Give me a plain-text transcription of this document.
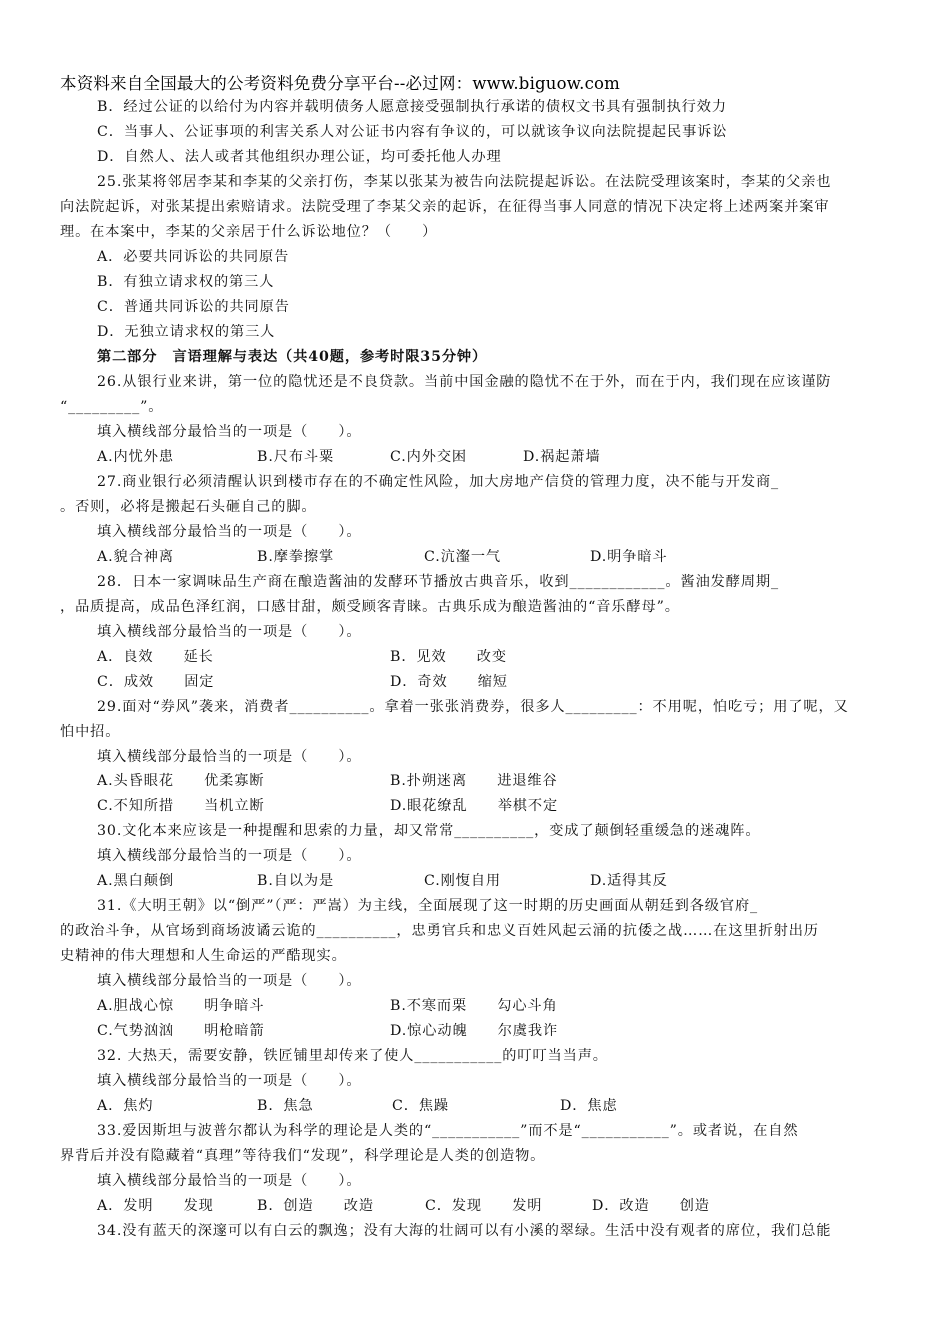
本资料来自全国最大的公考资料免费分享平台--必过网：www.biguow.com
B．经过公证的以给付为内容并载明债务人愿意接受强制执行承诺的债权文书具有强制执行效力
C．当事人、公证事项的利害关系人对公证书内容有争议的，可以就该争议向法院提起民事诉讼
D．自然人、法人或者其他组织办理公证，均可委托他人办理
25.张某将邻居李某和李某的父亲打伤，李某以张某为被告向法院提起诉讼。在法院受理该案时，李某的父亲也
向法院起诉，对张某提出索赔请求。法院受理了李某父亲的起诉，在征得当事人同意的情况下决定将上述两案并案审
理。在本案中，李某的父亲居于什么诉讼地位？（　　）
A．必要共同诉讼的共同原告
B．有独立请求权的第三人
C．普通共同诉讼的共同原告
D．无独立请求权的第三人
第二部分　言语理解与表达（共40题，参考时限35分钟）
26.从银行业来讲，第一位的隐忧还是不良贷款。当前中国金融的隐忧不在于外，而在于内，我们现在应该谨防
“_________”。
填入横线部分最恰当的一项是（　　）。
A.内忧外患	B.尺布斗粟	C.内外交困	D.祸起萧墙
27.商业银行必须清醒认识到楼市存在的不确定性风险，加大房地产信贷的管理力度，决不能与开发商_
。否则，必将是搬起石头砸自己的脚。
填入横线部分最恰当的一项是（　　）。
A.貌合神离	B.摩拳擦掌	C.沆瀣一气	D.明争暗斗
28．日本一家调味品生产商在酿造酱油的发酵环节播放古典音乐，收到____________。酱油发酵周期_
，品质提高，成品色泽红润，口感甘甜，颇受顾客青睐。古典乐成为酿造酱油的“音乐酵母”。
填入横线部分最恰当的一项是（　　）。
A．良效　　延长	B．见效　　改变
C．成效　　固定	D．奇效　　缩短
29.面对“券风”袭来，消费者__________。拿着一张张消费券，很多人_________：不用呢，怕吃亏；用了呢，又
怕中招。
填入横线部分最恰当的一项是（　　）。
A.头昏眼花　　优柔寡断	B.扑朔迷离　　进退维谷
C.不知所措　　当机立断	D.眼花缭乱　　举棋不定
30.文化本来应该是一种提醒和思索的力量，却又常常__________，变成了颠倒轻重缓急的迷魂阵。
填入横线部分最恰当的一项是（　　）。
A.黑白颠倒	B.自以为是	C.刚愎自用	D.适得其反
31.《大明王朝》以“倒严”（严：严嵩）为主线，全面展现了这一时期的历史画面从朝廷到各级官府_
的政治斗争，从官场到商场波谲云诡的__________，忠勇官兵和忠义百姓风起云涌的抗倭之战……在这里折射出历
史精神的伟大理想和人生命运的严酷现实。
填入横线部分最恰当的一项是（　　）。
A.胆战心惊　　明争暗斗	B.不寒而栗　　勾心斗角
C.气势汹汹　　明枪暗箭	D.惊心动魄　　尔虞我诈
32. 大热天，需要安静，铁匠铺里却传来了使人___________的叮叮当当声。
填入横线部分最恰当的一项是（　　）。
A．焦灼	B．焦急	C．焦躁	D．焦虑
33.爱因斯坦与波普尔都认为科学的理论是人类的“___________”而不是“___________”。或者说，在自然
界背后并没有隐藏着“真理”等待我们“发现”，科学理论是人类的创造物。
填入横线部分最恰当的一项是（　　）。
A．发明　　发现	B．创造　　改造	C．发现　　发明	D．改造　　创造
34.没有蓝天的深邃可以有白云的飘逸；没有大海的壮阔可以有小溪的翠绿。生活中没有观者的席位，我们总能
